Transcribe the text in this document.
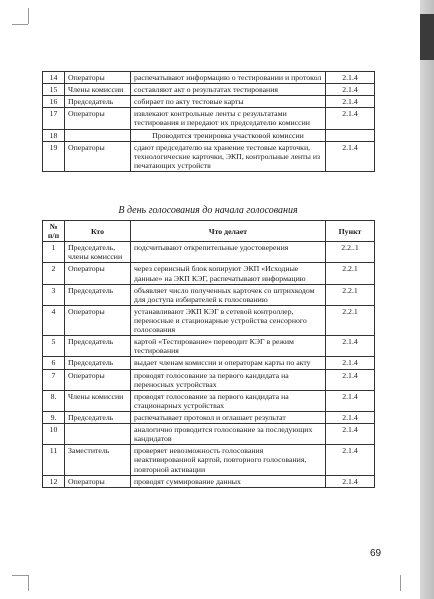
14	Операторы	распечатывают информацию о тестировании и протокол	2.1.4
15	Члены комиссии	составляют акт о результатах тестирования	2.1.4
16	Председатель	собирает по акту тестовые карты	2.1.4
17	Операторы	извлекают контрольные ленты с результатами тестирования и передают их председателю комиссии	2.1.4
18		Проводится тренировка участковой комиссии	
19	Операторы	сдают председателю на хранение тестовые карточки, технологические карточки, ЭКП, контрольные ленты из печатающих устройств	2.1.4
В день голосования до начала голосования
№ п/п	Кто	Что делает	Пункт
1	Председатель, члены комиссии	подсчитывают открепительные удостоверения	2.2..1
2	Операторы	через сервисный блок копируют ЭКП «Исходные данные» на ЭКП КЭГ, распечатывают информацию	2.2.1
3	Председатель	объявляет число полученных карточек со штрихкодом для доступа избирателей к голосованию	2.2.1
4	Операторы	устанавливают ЭКП КЭГ в сетевой контроллер, переносные и стационарные устройства сенсорного голосования	2.2.1
5	Председатель	картой «Тестирование» переводит КЭГ в режим тестирования	2.1.4
6	Председатель	выдает членам комиссии и операторам карты по акту	2.1.4
7	Операторы	проводят голосование за первого кандидата на переносных устройствах	2.1.4
8.	Члены комиссии	проводят голосование за первого кандидата на стационарных устройствах	2.1.4
9.	Председатель	распечатывает протокол и оглашает результат	2.1.4
10		аналогично проводится голосование за последующих кандидатов	2.1.4
11	Заместитель	проверяет невозможность голосования неактивированной картой, повторного голосования, повторной активации	2.1.4
12	Операторы	проводят суммирование данных	2.1.4
69
